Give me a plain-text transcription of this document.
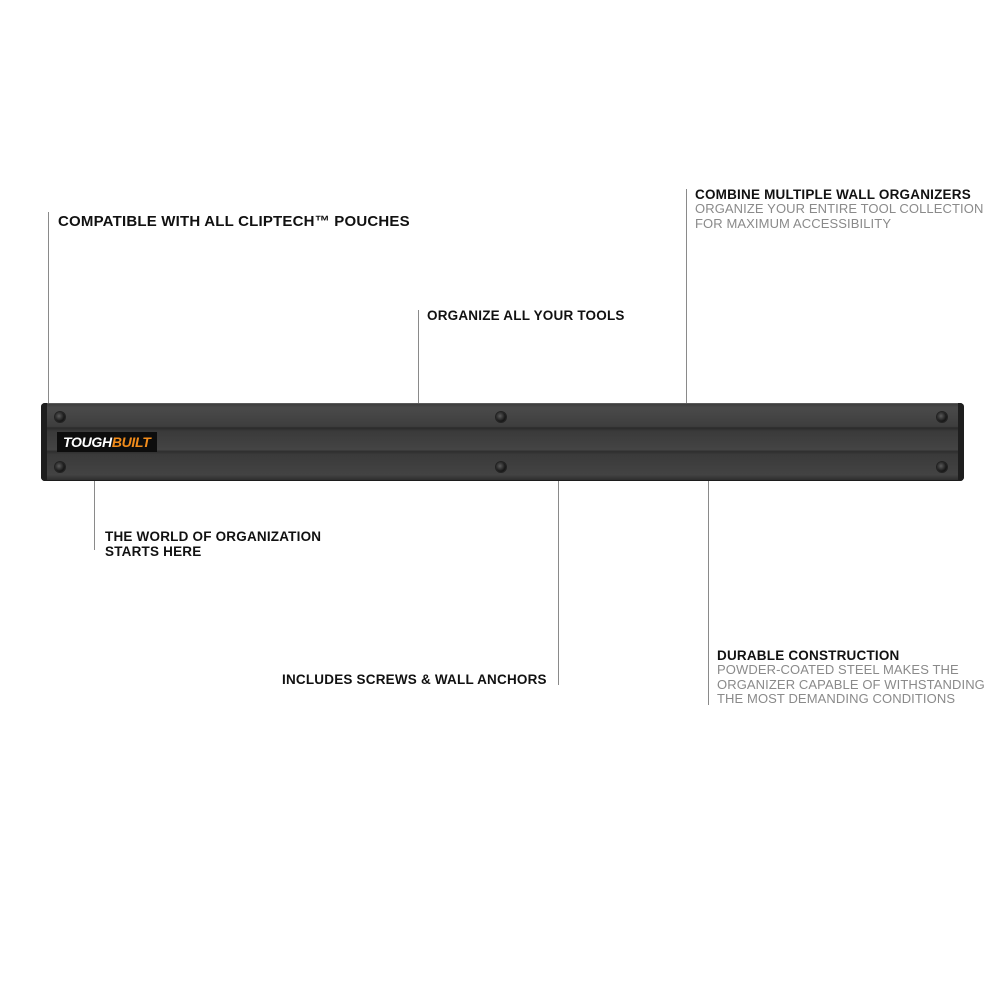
COMPATIBLE WITH ALL CLIPTECH™ POUCHES
ORGANIZE ALL YOUR TOOLS
COMBINE MULTIPLE WALL ORGANIZERS
ORGANIZE YOUR ENTIRE TOOL COLLECTION
FOR MAXIMUM ACCESSIBILITY
THE WORLD OF ORGANIZATION
STARTS HERE
INCLUDES SCREWS & WALL ANCHORS
DURABLE CONSTRUCTION
POWDER-COATED STEEL MAKES THE
ORGANIZER CAPABLE OF WITHSTANDING
THE MOST DEMANDING CONDITIONS
TOUGH BUILT
